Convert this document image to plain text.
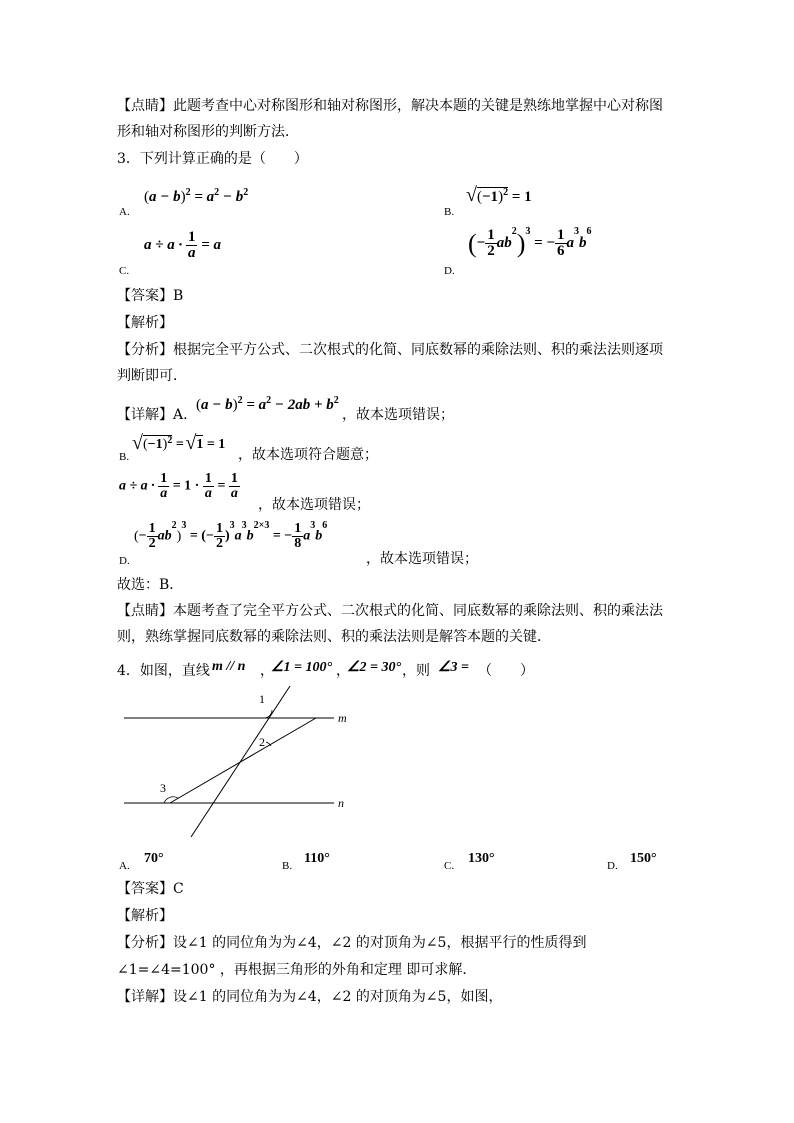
【点睛】此题考查中心对称图形和轴对称图形，解决本题的关键是熟练地掌握中心对称图
形和轴对称图形的判断方法．
3．下列计算正确的是（　　）
A.
$(a - b)^2 = a^2 - b^2$
B.
√ $(-1)^2 = 1$
C.
$a \div a \cdot \frac{1}{a} = a$
D.
(− $\frac{1}{2} ab^2)^3$ = − $\frac{1}{6} a^3b^6$
【答案】B
【解析】
【分析】根据完全平方公式、二次根式的化简、同底数幂的乘除法则、积的乘法法则逐项
判断即可．
【详解】A.
$(a - b)^2 = a^2 - 2ab + b^2$
，故本选项错误；
B.
√ $(-1)^2$ = √ 1 = 1
，故本选项符合题意；
$a \div a \cdot \frac{1}{a} = 1 \cdot \frac{1}{a} = \frac{1}{a}$
，故本选项错误；
D.
(− $\frac{1}{2} ab^2)^3$ = (− $\frac{1}{2} )^3a^3b^{2\times 3}$ = − $\frac{1}{8} a^3b^6$
，故本选项错误；
故选：B．
【点睛】本题考查了完全平方公式、二次根式的化简、同底数幂的乘除法则、积的乘法法
则，熟练掌握同底数幂的乘除法则、积的乘法法则是解答本题的关键．
4．如图，直线 m // n ，
∠1 = 100° ，
∠2 = 30° ，则 ∠3 = （　　）
1
2
3
m
n
A. 70°	B. 110°	C. 130°	D. 150°
【答案】C
【解析】
【分析】设∠1 的同位角为为∠4，∠2 的对顶角为∠5，根据平行的性质得到
∠1=∠4=100° ，再根据三角形的外角和定理 即可求解．
【详解】设∠1 的同位角为为∠4，∠2 的对顶角为∠5，如图，
